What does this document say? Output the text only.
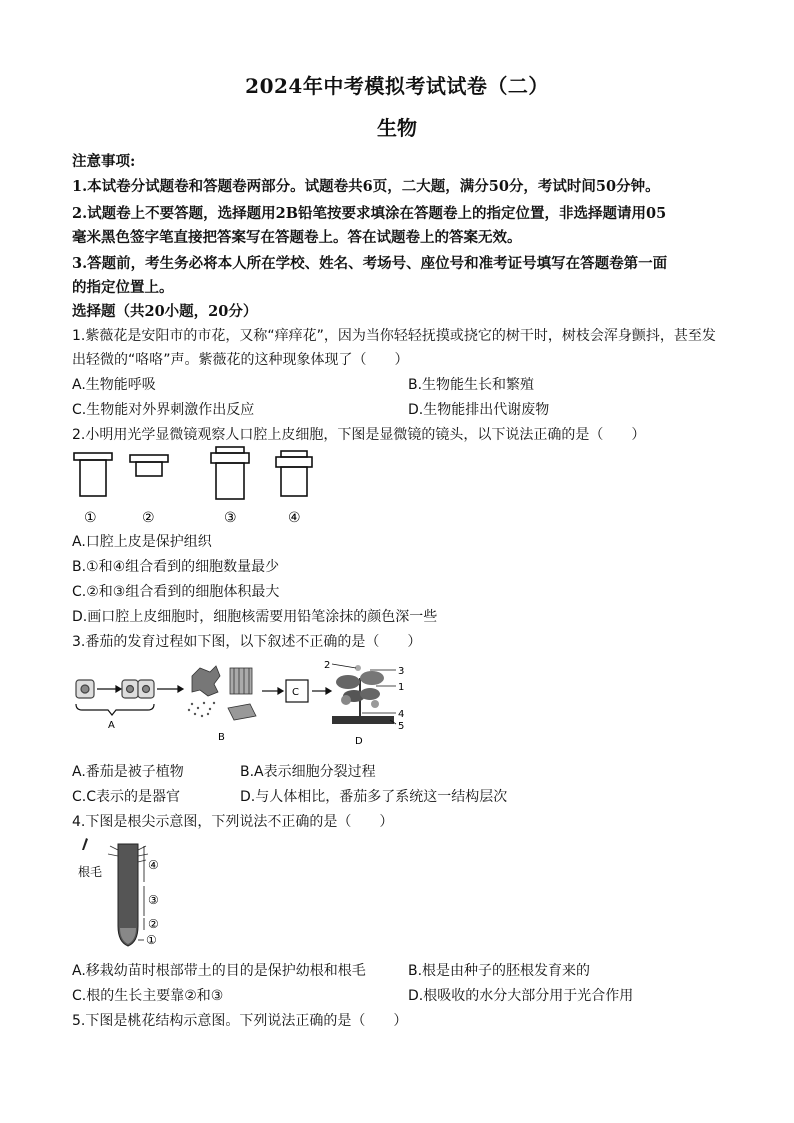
2024年中考模拟考试试卷（二）
生物
注意事项:
1.本试卷分试题卷和答题卷两部分。试题卷共6页，二大题，满分50分，考试时间50分钟。
2.试题卷上不要答题，选择题用2B铅笔按要求填涂在答题卷上的指定位置，非选择题请用05
毫米黑色签字笔直接把答案写在答题卷上。答在试题卷上的答案无效。
3.答题前，考生务必将本人所在学校、姓名、考场号、座位号和准考证号填写在答题卷第一面
的指定位置上。
选择题（共20小题，20分）
1.紫薇花是安阳市的市花，又称“痒痒花”，因为当你轻轻抚摸或挠它的树干时，树枝会浑身颤抖，甚至发
出轻微的“咯咯”声。紫薇花的这种现象体现了（　　）
A.生物能呼吸	B.生物能生长和繁殖
C.生物能对外界刺激作出反应	D.生物能排出代谢废物
2.小明用光学显微镜观察人口腔上皮细胞，下图是显微镜的镜头，以下说法正确的是（　　）
①	②	③	④
A.口腔上皮是保护组织
B.①和④组合看到的细胞数量最少
C.②和③组合看到的细胞体积最大
D.画口腔上皮细胞时，细胞核需要用铅笔涂抹的颜色深一些
3.番茄的发育过程如下图，以下叙述不正确的是（　　）
A
B
C
2
3
1
4
5
D
A.番茄是被子植物	B.A表示细胞分裂过程
C.C表示的是器官	D.与人体相比，番茄多了系统这一结构层次
4.下图是根尖示意图，下列说法不正确的是（　　）
根毛	④
③
②
①
A.移栽幼苗时根部带土的目的是保护幼根和根毛	B.根是由种子的胚根发育来的
C.根的生长主要靠②和③	D.根吸收的水分大部分用于光合作用
5.下图是桃花结构示意图。下列说法正确的是（　　）
